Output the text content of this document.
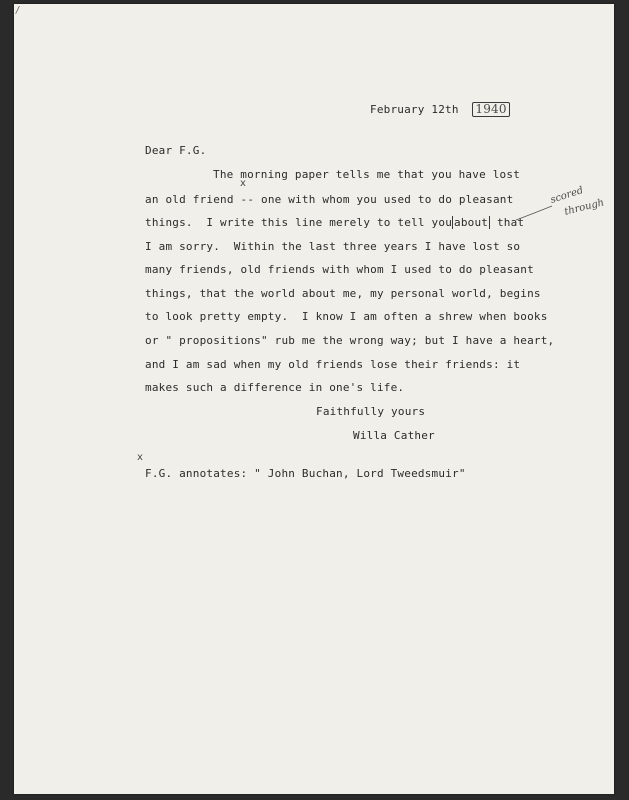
/
February 12th 1940
Dear F.G.
The morning paper tells me that you have lost
x
an old friend -- one with whom you used to do pleasant
things.  I write this line merely to tell you about that
scored
through
I am sorry.  Within the last three years I have lost so
many friends, old friends with whom I used to do pleasant
things, that the world about me, my personal world, begins
to look pretty empty.  I know I am often a shrew when books
or " propositions" rub me the wrong way; but I have a heart,
and I am sad when my old friends lose their friends: it
makes such a difference in one's life.
Faithfully yours
Willa Cather
x
F.G. annotates: " John Buchan, Lord Tweedsmuir"
